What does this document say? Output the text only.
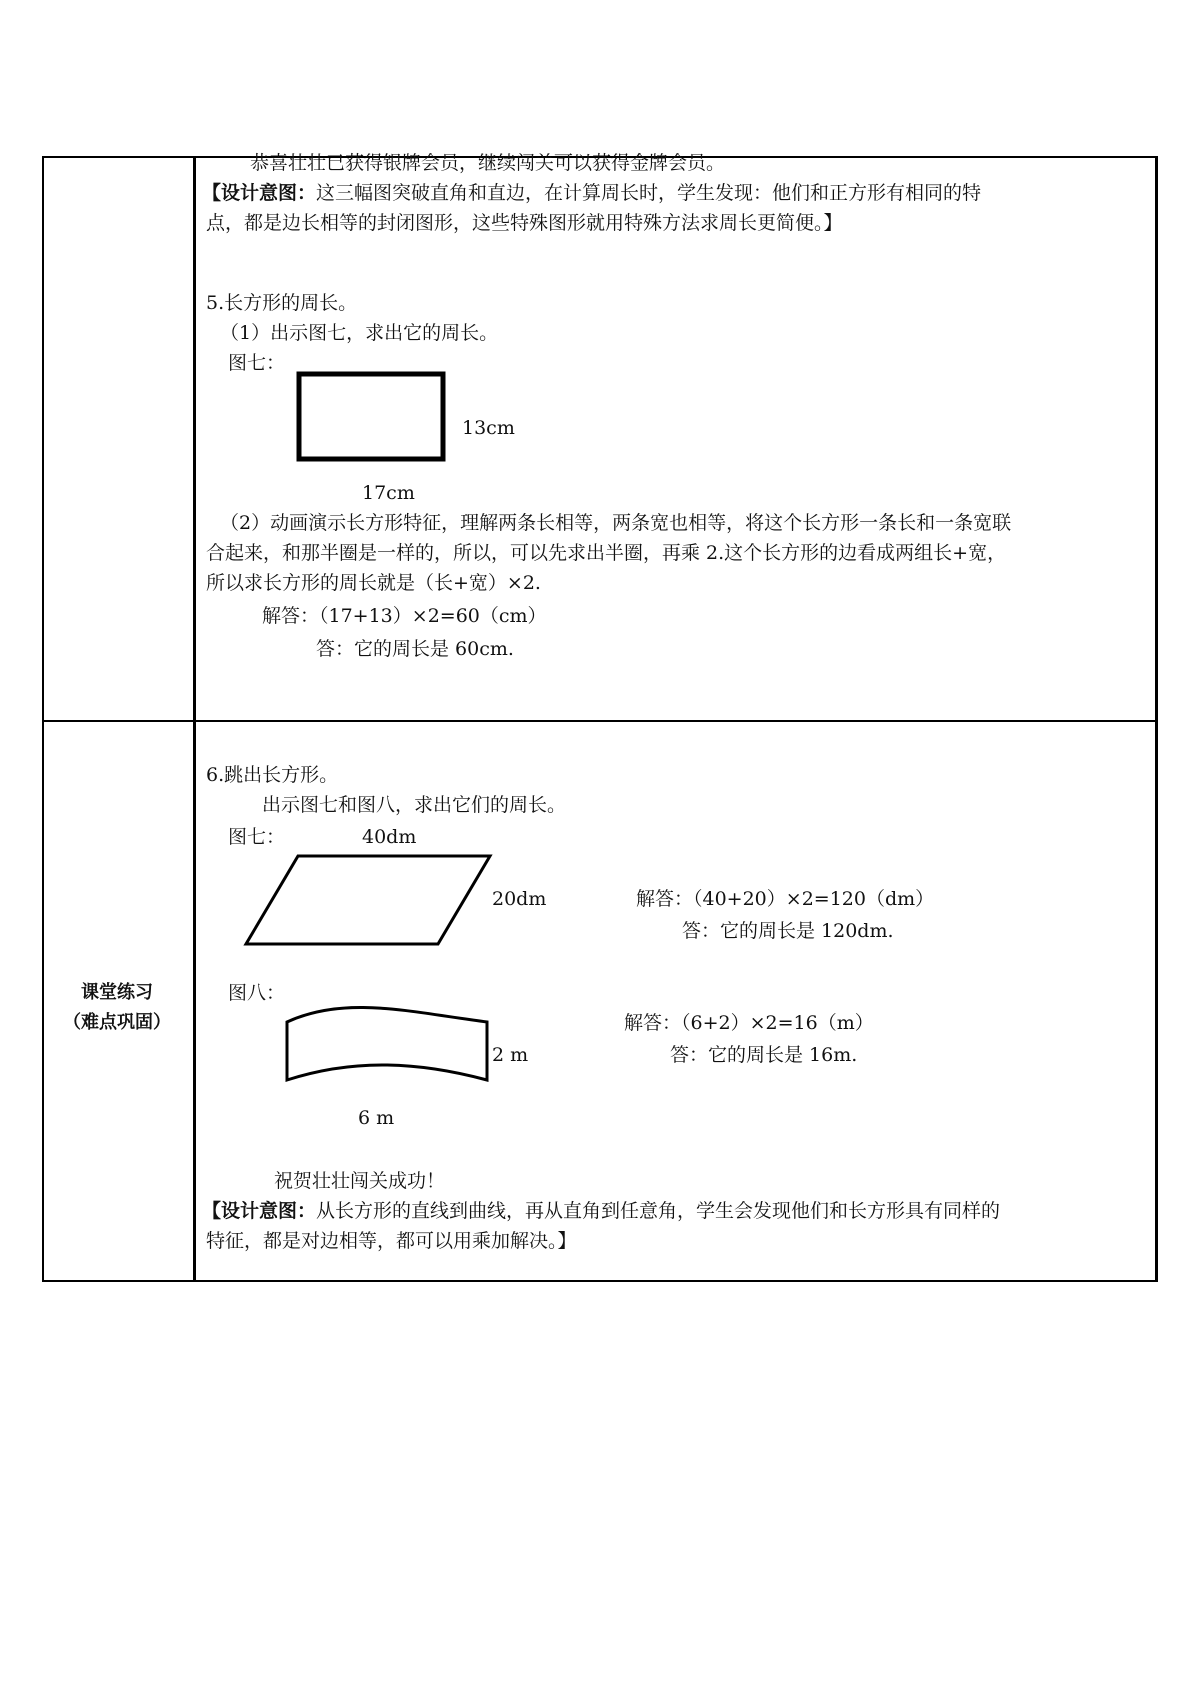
恭喜壮壮已获得银牌会员，继续闯关可以获得金牌会员。
【设计意图：这三幅图突破直角和直边，在计算周长时，学生发现：他们和正方形有相同的特
点，都是边长相等的封闭图形，这些特殊图形就用特殊方法求周长更简便。】
5.长方形的周长。
（1）出示图七，求出它的周长。
图七：
13cm
17cm
（2）动画演示长方形特征，理解两条长相等，两条宽也相等，将这个长方形一条长和一条宽联
合起来，和那半圈是一样的，所以，可以先求出半圈，再乘 2.这个长方形的边看成两组长+宽，
所以求长方形的周长就是（长+宽）×2.
解答：（17+13）×2=60（cm）
答：它的周长是 60cm.
课堂练习
（难点巩固）
6.跳出长方形。
出示图七和图八，求出它们的周长。
图七：	40dm
20dm	解答：（40+20）×2=120（dm）
答：它的周长是 120dm.
图八：
2 m
6 m
解答：（6+2）×2=16（m）
答：它的周长是 16m.
祝贺壮壮闯关成功！
【设计意图：从长方形的直线到曲线，再从直角到任意角，学生会发现他们和长方形具有同样的
特征，都是对边相等，都可以用乘加解决。】
